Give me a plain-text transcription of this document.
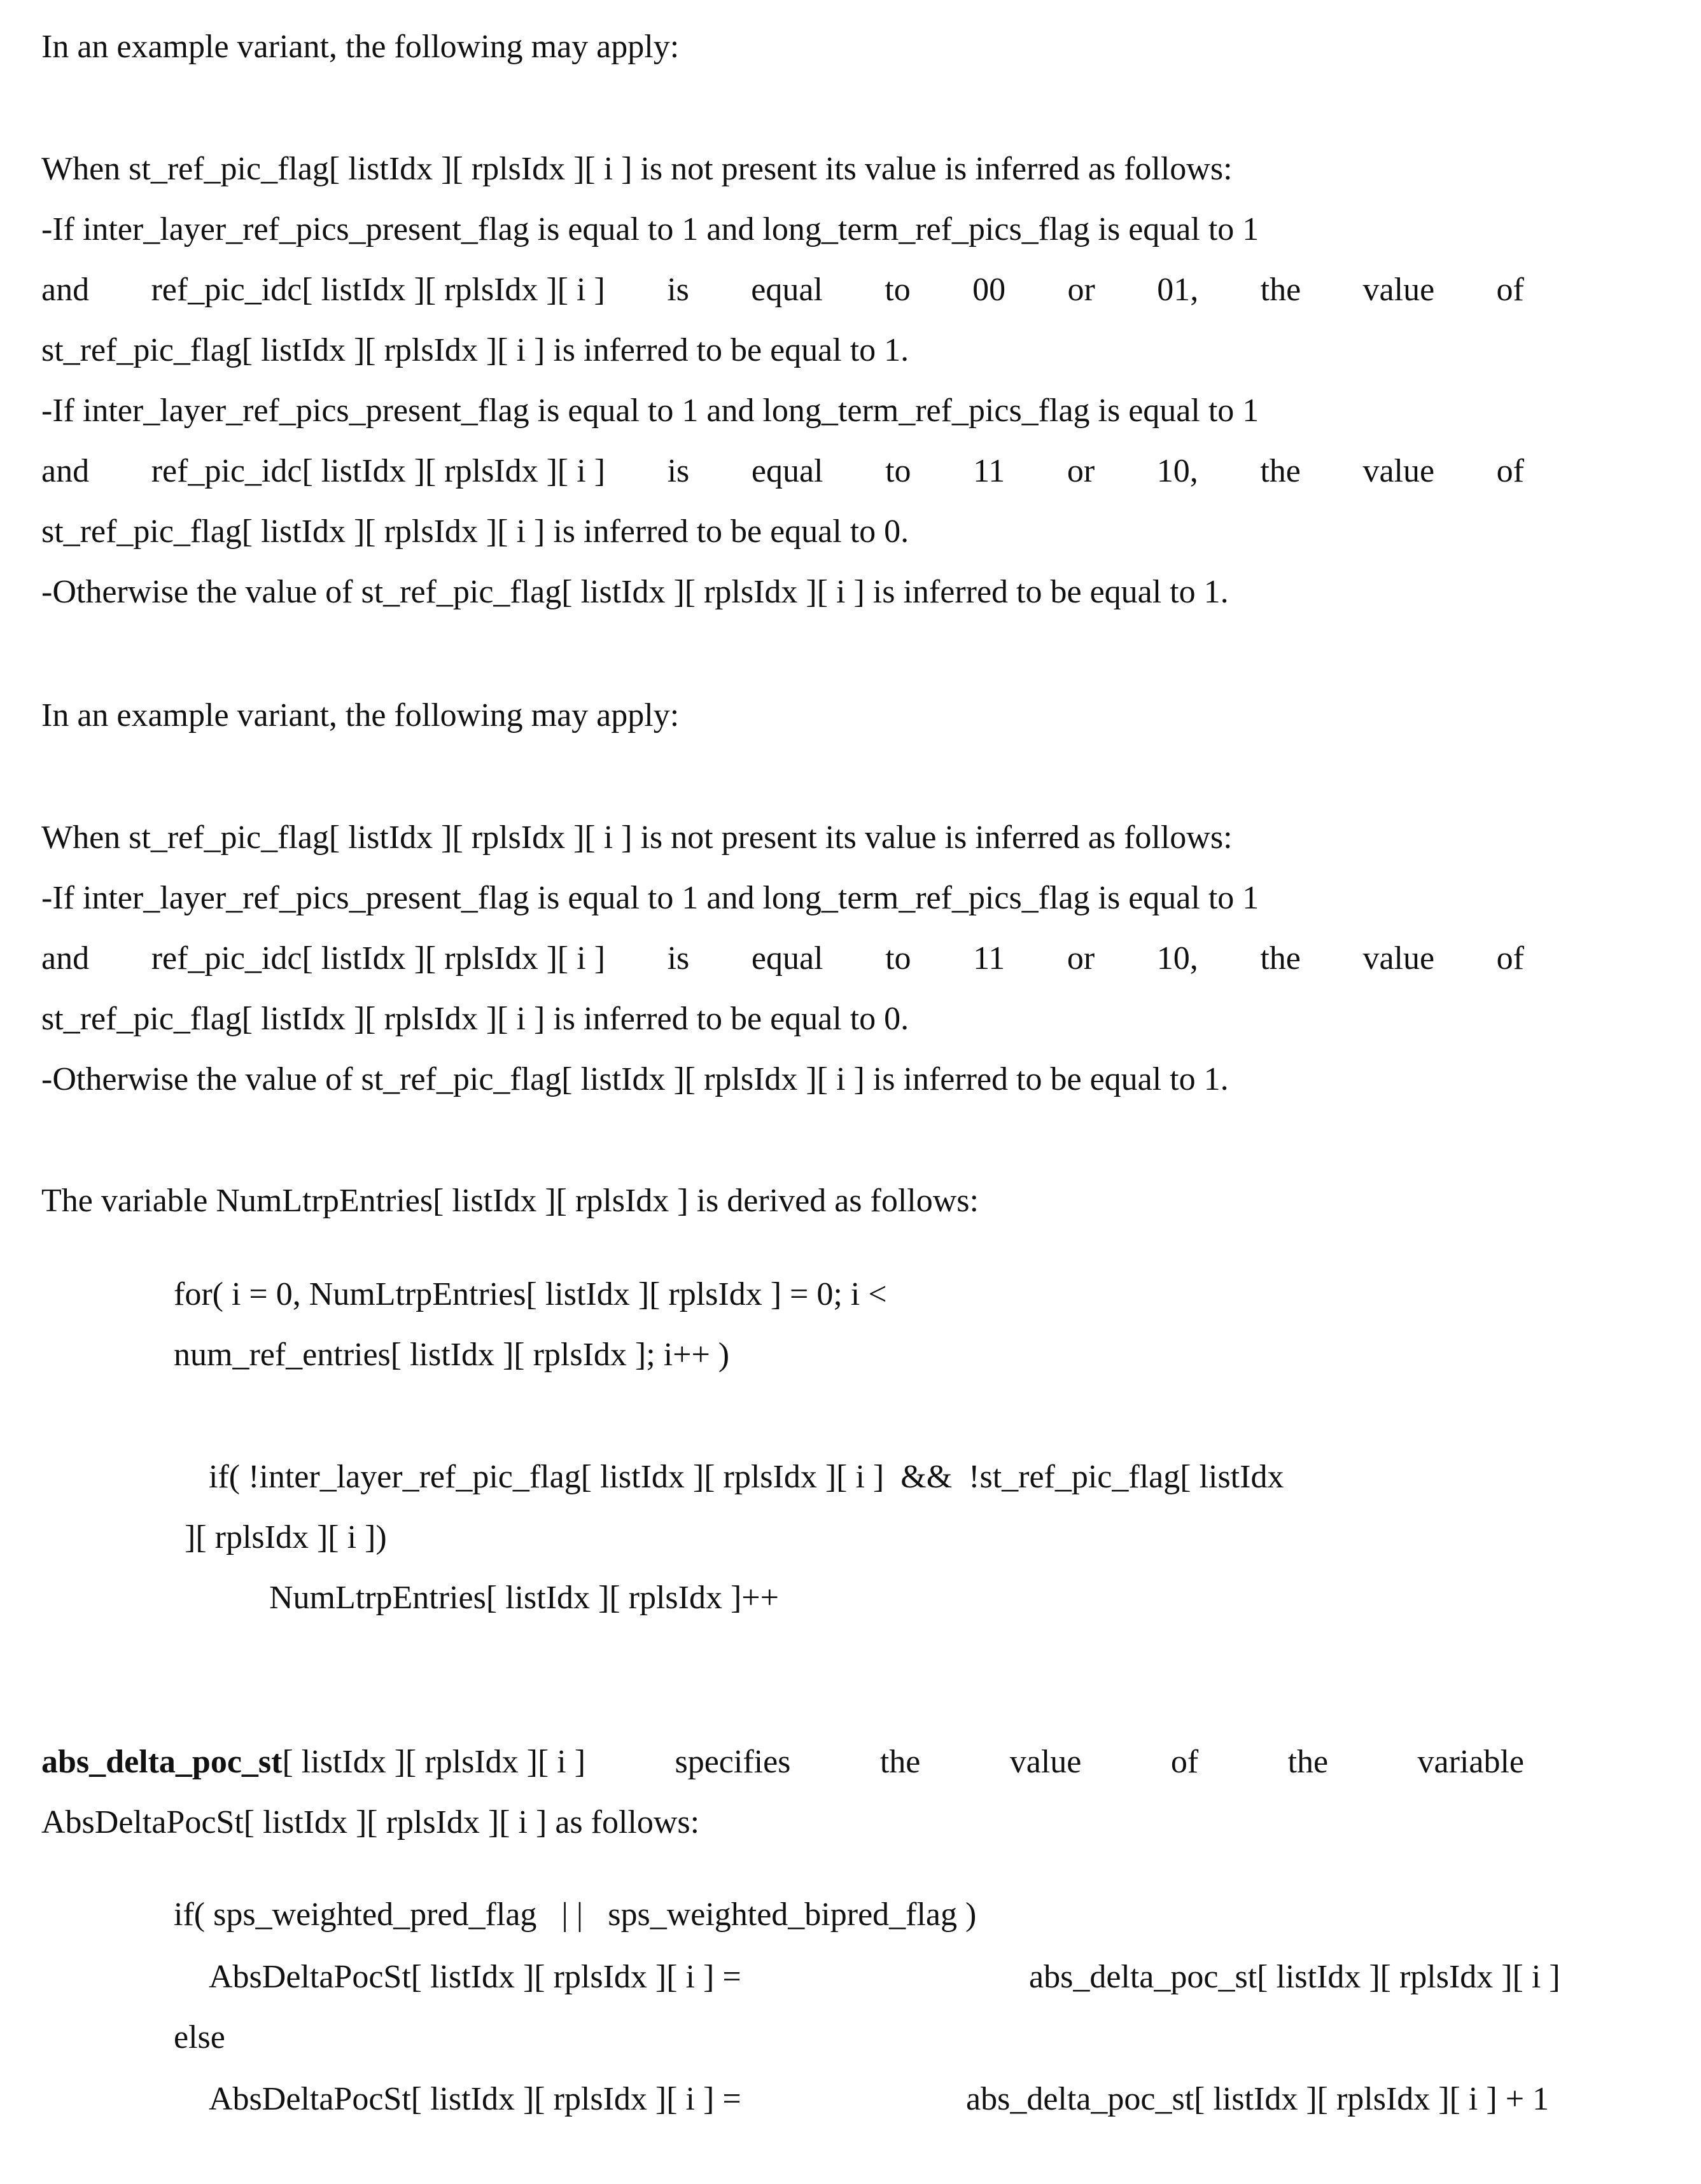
In an example variant, the following may apply:
When st_ref_pic_flag[ listIdx ][ rplsIdx ][ i ] is not present its value is inferred as follows:
-If inter_layer_ref_pics_present_flag is equal to 1 and long_term_ref_pics_flag is equal to 1
and ref_pic_idc[ listIdx ][ rplsIdx ][ i ] is equal to 00 or 01, the value of
st_ref_pic_flag[ listIdx ][ rplsIdx ][ i ] is inferred to be equal to 1.
-If inter_layer_ref_pics_present_flag is equal to 1 and long_term_ref_pics_flag is equal to 1
and ref_pic_idc[ listIdx ][ rplsIdx ][ i ] is equal to 11 or 10, the value of
st_ref_pic_flag[ listIdx ][ rplsIdx ][ i ] is inferred to be equal to 0.
-Otherwise the value of st_ref_pic_flag[ listIdx ][ rplsIdx ][ i ] is inferred to be equal to 1.
In an example variant, the following may apply:
When st_ref_pic_flag[ listIdx ][ rplsIdx ][ i ] is not present its value is inferred as follows:
-If inter_layer_ref_pics_present_flag is equal to 1 and long_term_ref_pics_flag is equal to 1
and ref_pic_idc[ listIdx ][ rplsIdx ][ i ] is equal to 11 or 10, the value of
st_ref_pic_flag[ listIdx ][ rplsIdx ][ i ] is inferred to be equal to 0.
-Otherwise the value of st_ref_pic_flag[ listIdx ][ rplsIdx ][ i ] is inferred to be equal to 1.
The variable NumLtrpEntries[ listIdx ][ rplsIdx ] is derived as follows:
for( i = 0, NumLtrpEntries[ listIdx ][ rplsIdx ] = 0; i <
num_ref_entries[ listIdx ][ rplsIdx ]; i++ )
if( !inter_layer_ref_pic_flag[ listIdx ][ rplsIdx ][ i ]  &&  !st_ref_pic_flag[ listIdx
][ rplsIdx ][ i ])
NumLtrpEntries[ listIdx ][ rplsIdx ]++
abs_delta_poc_st[ listIdx ][ rplsIdx ][ i ]	specifies	the	value	of	the	variable
AbsDeltaPocSt[ listIdx ][ rplsIdx ][ i ] as follows:
if( sps_weighted_pred_flag   | |   sps_weighted_bipred_flag )
AbsDeltaPocSt[ listIdx ][ rplsIdx ][ i ] =	abs_delta_poc_st[ listIdx ][ rplsIdx ][ i ]
else
AbsDeltaPocSt[ listIdx ][ rplsIdx ][ i ] =	abs_delta_poc_st[ listIdx ][ rplsIdx ][ i ] + 1
